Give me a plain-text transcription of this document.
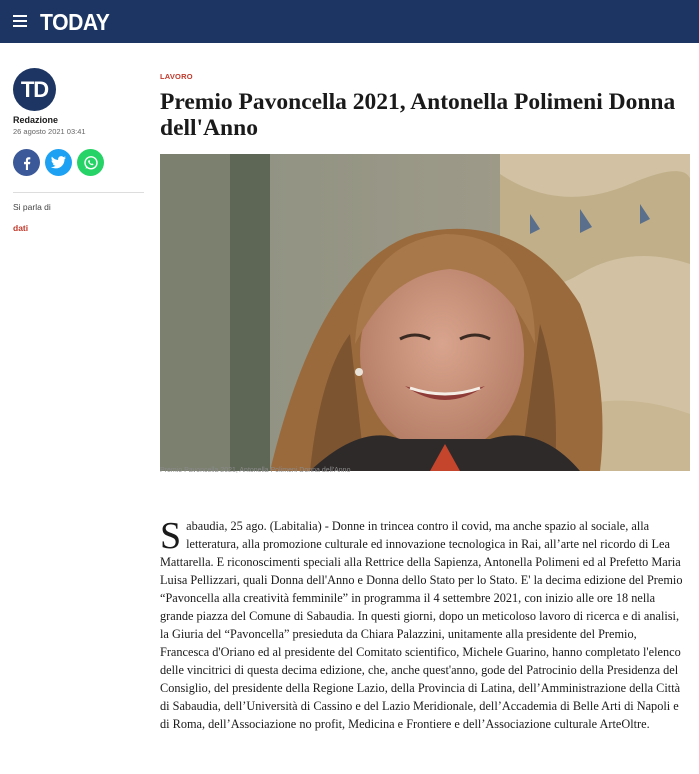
TODAY
TD
Redazione
26 agosto 2021 03:41
Si parla di
dati
LAVORO
Premio Pavoncella 2021, Antonella Polimeni Donna dell'Anno
Premio Pavoncella 2021, Antonella Polimeni Donna dell'Anno
Sabaudia, 25 ago. (Labitalia) - Donne in trincea contro il covid, ma anche spazio al sociale, alla letteratura, alla promozione culturale ed innovazione tecnologica in Rai, all’arte nel ricordo di Lea Mattarella. E riconoscimenti speciali alla Rettrice della Sapienza, Antonella Polimeni ed al Prefetto Maria Luisa Pellizzari, quali Donna dell'Anno e Donna dello Stato per lo Stato. E' la decima edizione del Premio “Pavoncella alla creatività femminile” in programma il 4 settembre 2021, con inizio alle ore 18 nella grande piazza del Comune di Sabaudia. In questi giorni, dopo un meticoloso lavoro di ricerca e di analisi, la Giuria del “Pavoncella” presieduta da Chiara Palazzini, unitamente alla presidente del Premio, Francesca d'Oriano ed al presidente del Comitato scientifico, Michele Guarino, hanno completato l'elenco delle vincitrici di questa decima edizione, che, anche quest'anno, gode del Patrocinio della Presidenza del Consiglio, del presidente della Regione Lazio, della Provincia di Latina, dell’Amministrazione della Città di Sabaudia, dell’Università di Cassino e del Lazio Meridionale, dell’Accademia di Belle Arti di Napoli e di Roma, dell’Associazione no profit, Medicina e Frontiere e dell’Associazione culturale ArteOltre.
